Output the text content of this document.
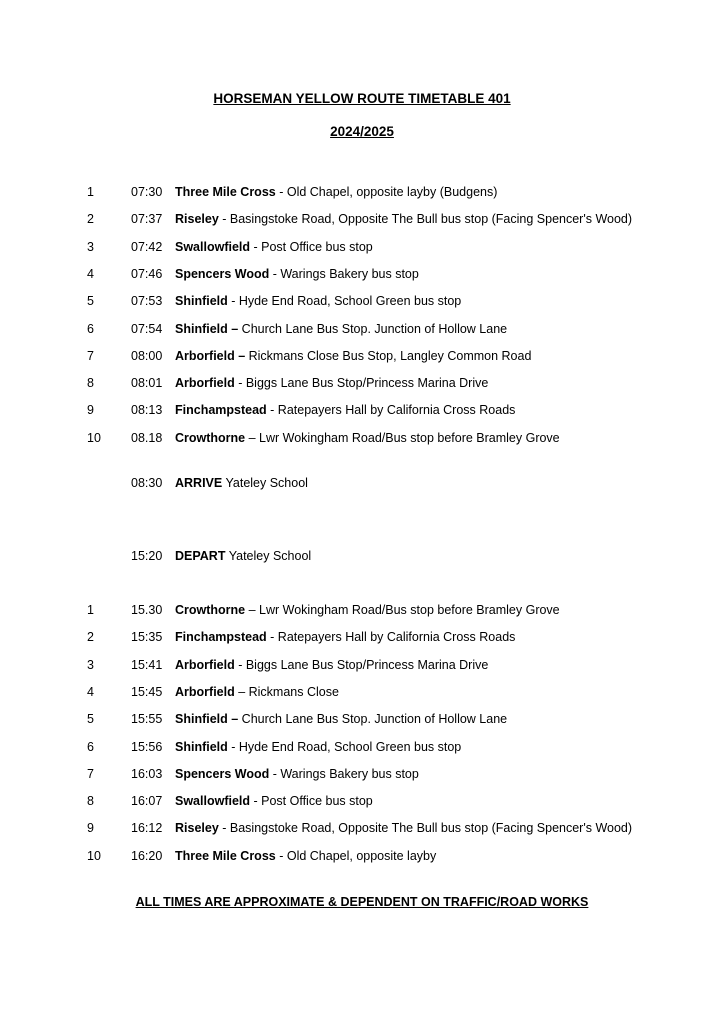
HORSEMAN YELLOW ROUTE TIMETABLE 401
2024/2025
1	07:30 Three Mile Cross - Old Chapel, opposite layby (Budgens)
2	07:37 Riseley - Basingstoke Road, Opposite The Bull bus stop (Facing Spencer's Wood)
3	07:42 Swallowfield - Post Office bus stop
4	07:46 Spencers Wood - Warings Bakery bus stop
5	07:53 Shinfield - Hyde End Road, School Green bus stop
6	07:54 Shinfield – Church Lane Bus Stop. Junction of Hollow Lane
7	08:00 Arborfield – Rickmans Close Bus Stop, Langley Common Road
8	08:01 Arborfield - Biggs Lane Bus Stop/Princess Marina Drive
9	08:13 Finchampstead - Ratepayers Hall by California Cross Roads
10 08.18 Crowthorne – Lwr Wokingham Road/Bus stop before Bramley Grove
08:30 ARRIVE Yateley School
15:20 DEPART Yateley School
1	15.30 Crowthorne – Lwr Wokingham Road/Bus stop before Bramley Grove
2	15:35 Finchampstead - Ratepayers Hall by California Cross Roads
3	15:41 Arborfield - Biggs Lane Bus Stop/Princess Marina Drive
4	15:45 Arborfield – Rickmans Close
5	15:55 Shinfield – Church Lane Bus Stop. Junction of Hollow Lane
6	15:56 Shinfield - Hyde End Road, School Green bus stop
7	16:03 Spencers Wood - Warings Bakery bus stop
8	16:07 Swallowfield - Post Office bus stop
9	16:12 Riseley - Basingstoke Road, Opposite The Bull bus stop (Facing Spencer's Wood)
10 16:20 Three Mile Cross - Old Chapel, opposite layby
ALL TIMES ARE APPROXIMATE & DEPENDENT ON TRAFFIC/ROAD WORKS
